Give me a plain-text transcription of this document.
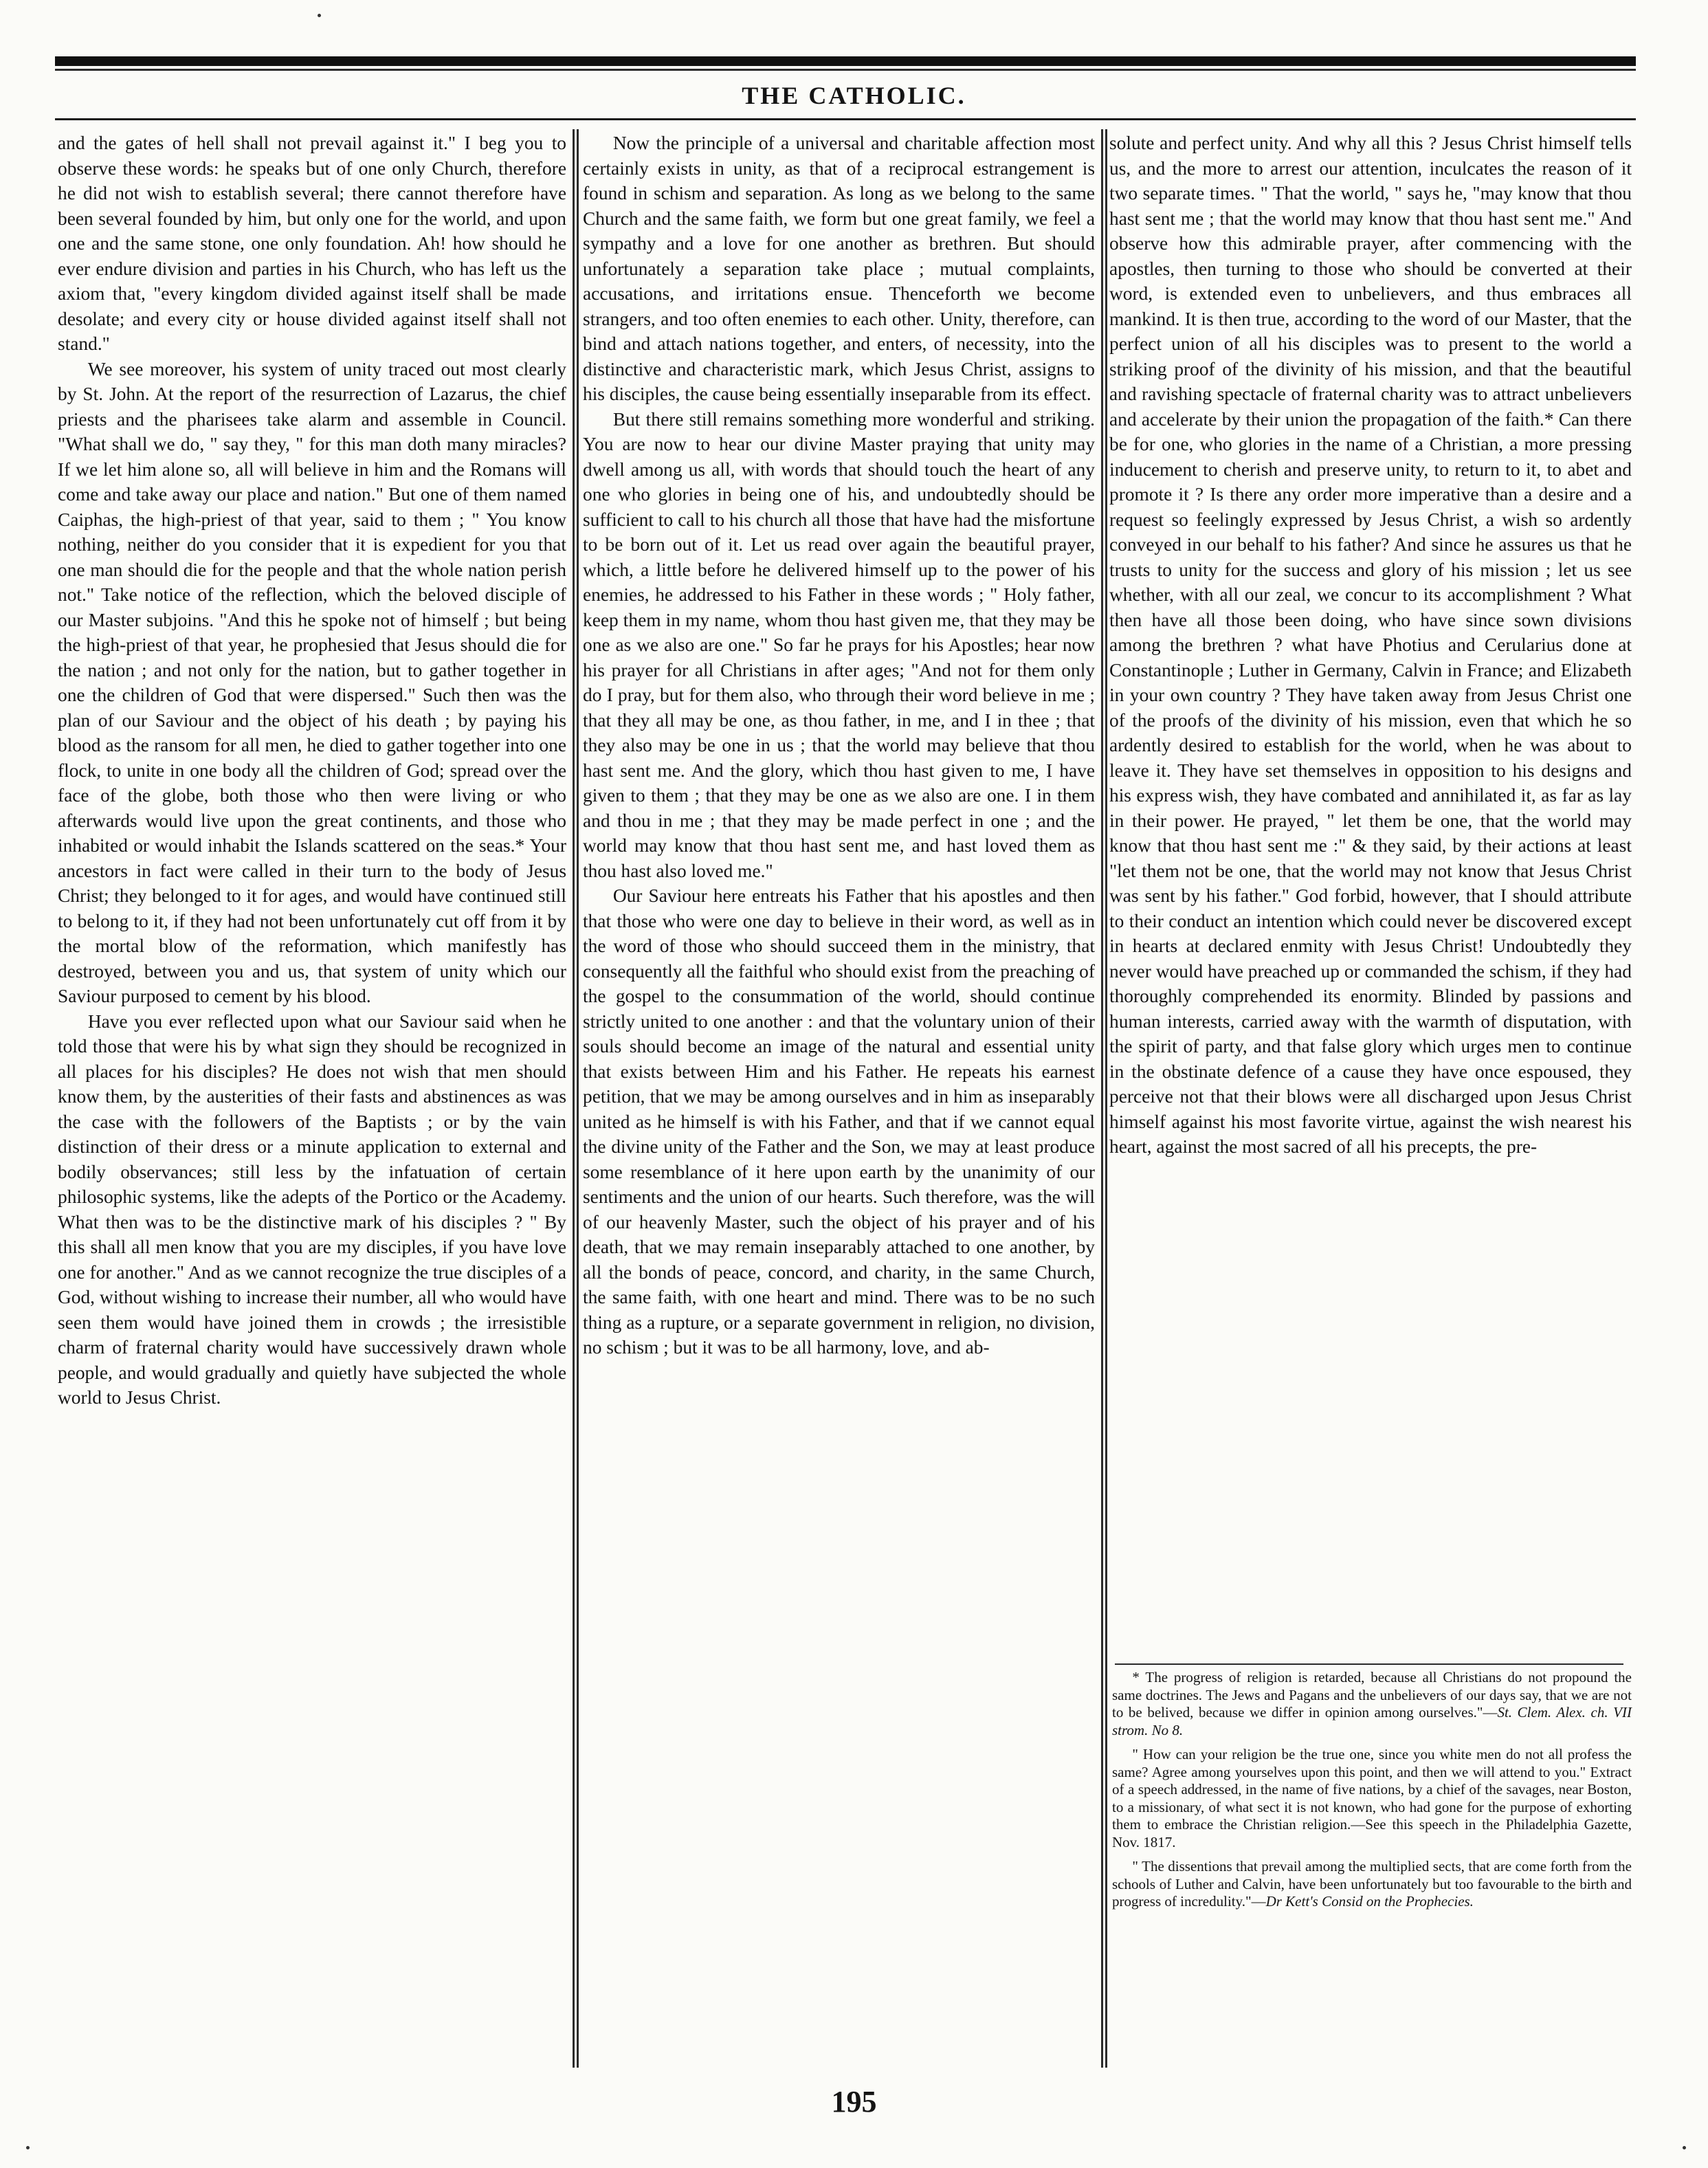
THE CATHOLIC.

and the gates of hell shall not prevail against it." I beg you to observe these words: he speaks but of one only Church, therefore he did not wish to establish several; there cannot therefore have been several founded by him, but only one for the world, and upon one and the same stone, one only foundation. Ah! how should he ever endure division and parties in his Church, who has left us the axiom that, "every kingdom divided against itself shall be made desolate; and every city or house divided against itself shall not stand."

We see moreover, his system of unity traced out most clearly by St. John. At the report of the resurrection of Lazarus, the chief priests and the pharisees take alarm and assemble in Council. "What shall we do, " say they, " for this man doth many miracles? If we let him alone so, all will believe in him and the Romans will come and take away our place and nation." But one of them named Caiphas, the high-priest of that year, said to them ; " You know nothing, neither do you consider that it is expedient for you that one man should die for the people and that the whole nation perish not." Take notice of the reflection, which the beloved disciple of our Master subjoins. "And this he spoke not of himself ; but being the high-priest of that year, he prophesied that Jesus should die for the nation ; and not only for the nation, but to gather together in one the children of God that were dispersed." Such then was the plan of our Saviour and the object of his death ; by paying his blood as the ransom for all men, he died to gather together into one flock, to unite in one body all the children of God; spread over the face of the globe, both those who then were living or who afterwards would live upon the great continents, and those who inhabited or would inhabit the Islands scattered on the seas.* Your ancestors in fact were called in their turn to the body of Jesus Christ; they belonged to it for ages, and would have continued still to belong to it, if they had not been unfortunately cut off from it by the mortal blow of the reformation, which manifestly has destroyed, between you and us, that system of unity which our Saviour purposed to cement by his blood.

Have you ever reflected upon what our Saviour said when he told those that were his by what sign they should be recognized in all places for his disciples? He does not wish that men should know them, by the austerities of their fasts and abstinences as was the case with the followers of the Baptists ; or by the vain distinction of their dress or a minute application to external and bodily observances; still less by the infatuation of certain philosophic systems, like the adepts of the Portico or the Academy. What then was to be the distinctive mark of his disciples ? " By this shall all men know that you are my disciples, if you have love one for another." And as we cannot recognize the true disciples of a God, without wishing to increase their number, all who would have seen them would have joined them in crowds ; the irresistible charm of fraternal charity would have successively drawn whole people, and would gradually and quietly have subjected the whole world to Jesus Christ.

Now the principle of a universal and charitable affection most certainly exists in unity, as that of a reciprocal estrangement is found in schism and separation. As long as we belong to the same Church and the same faith, we form but one great family, we feel a sympathy and a love for one another as brethren. But should unfortunately a separation take place ; mutual complaints, accusations, and irritations ensue. Thenceforth we become strangers, and too often enemies to each other. Unity, therefore, can bind and attach nations together, and enters, of necessity, into the distinctive and characteristic mark, which Jesus Christ, assigns to his disciples, the cause being essentially inseparable from its effect.

But there still remains something more wonderful and striking. You are now to hear our divine Master praying that unity may dwell among us all, with words that should touch the heart of any one who glories in being one of his, and undoubtedly should be sufficient to call to his church all those that have had the misfortune to be born out of it. Let us read over again the beautiful prayer, which, a little before he delivered himself up to the power of his enemies, he addressed to his Father in these words ; " Holy father, keep them in my name, whom thou hast given me, that they may be one as we also are one." So far he prays for his Apostles; hear now his prayer for all Christians in after ages; "And not for them only do I pray, but for them also, who through their word believe in me ; that they all may be one, as thou father, in me, and I in thee ; that they also may be one in us ; that the world may believe that thou hast sent me. And the glory, which thou hast given to me, I have given to them ; that they may be one as we also are one. I in them and thou in me ; that they may be made perfect in one ; and the world may know that thou hast sent me, and hast loved them as thou hast also loved me."

Our Saviour here entreats his Father that his apostles and then that those who were one day to believe in their word, as well as in the word of those who should succeed them in the ministry, that consequently all the faithful who should exist from the preaching of the gospel to the consummation of the world, should continue strictly united to one another : and that the voluntary union of their souls should become an image of the natural and essential unity that exists between Him and his Father. He repeats his earnest petition, that we may be among ourselves and in him as inseparably united as he himself is with his Father, and that if we cannot equal the divine unity of the Father and the Son, we may at least produce some resemblance of it here upon earth by the unanimity of our sentiments and the union of our hearts. Such therefore, was the will of our heavenly Master, such the object of his prayer and of his death, that we may remain inseparably attached to one another, by all the bonds of peace, concord, and charity, in the same Church, the same faith, with one heart and mind. There was to be no such thing as a rupture, or a separate government in religion, no division, no schism ; but it was to be all harmony, love, and ab-

solute and perfect unity. And why all this ? Jesus Christ himself tells us, and the more to arrest our attention, inculcates the reason of it two separate times. " That the world, " says he, "may know that thou hast sent me ; that the world may know that thou hast sent me." And observe how this admirable prayer, after commencing with the apostles, then turning to those who should be converted at their word, is extended even to unbelievers, and thus embraces all mankind. It is then true, according to the word of our Master, that the perfect union of all his disciples was to present to the world a striking proof of the divinity of his mission, and that the beautiful and ravishing spectacle of fraternal charity was to attract unbelievers and accelerate by their union the propagation of the faith.* Can there be for one, who glories in the name of a Christian, a more pressing inducement to cherish and preserve unity, to return to it, to abet and promote it ? Is there any order more imperative than a desire and a request so feelingly expressed by Jesus Christ, a wish so ardently conveyed in our behalf to his father? And since he assures us that he trusts to unity for the success and glory of his mission ; let us see whether, with all our zeal, we concur to its accomplishment ? What then have all those been doing, who have since sown divisions among the brethren ? what have Photius and Cerularius done at Constantinople ; Luther in Germany, Calvin in France; and Elizabeth in your own country ? They have taken away from Jesus Christ one of the proofs of the divinity of his mission, even that which he so ardently desired to establish for the world, when he was about to leave it. They have set themselves in opposition to his designs and his express wish, they have combated and annihilated it, as far as lay in their power. He prayed, " let them be one, that the world may know that thou hast sent me :" & they said, by their actions at least "let them not be one, that the world may not know that Jesus Christ was sent by his father." God forbid, however, that I should attribute to their conduct an intention which could never be discovered except in hearts at declared enmity with Jesus Christ! Undoubtedly they never would have preached up or commanded the schism, if they had thoroughly comprehended its enormity. Blinded by passions and human interests, carried away with the warmth of disputation, with the spirit of party, and that false glory which urges men to continue in the obstinate defence of a cause they have once espoused, they perceive not that their blows were all discharged upon Jesus Christ himself against his most favorite virtue, against the wish nearest his heart, against the most sacred of all his precepts, the pre-

* The progress of religion is retarded, because all Christians do not propound the same doctrines. The Jews and Pagans and the unbelievers of our days say, that we are not to be belived, because we differ in opinion among ourselves."—St. Clem. Alex. ch. VII strom. No 8.

" How can your religion be the true one, since you white men do not all profess the same? Agree among yourselves upon this point, and then we will attend to you." Extract of a speech addressed, in the name of five nations, by a chief of the savages, near Boston, to a missionary, of what sect it is not known, who had gone for the purpose of exhorting them to embrace the Christian religion.—See this speech in the Philadelphia Gazette, Nov. 1817.

" The dissentions that prevail among the multiplied sects, that are come forth from the schools of Luther and Calvin, have been unfortunately but too favourable to the birth and progress of incredulity."—Dr Kett's Consid on the Prophecies.

195
